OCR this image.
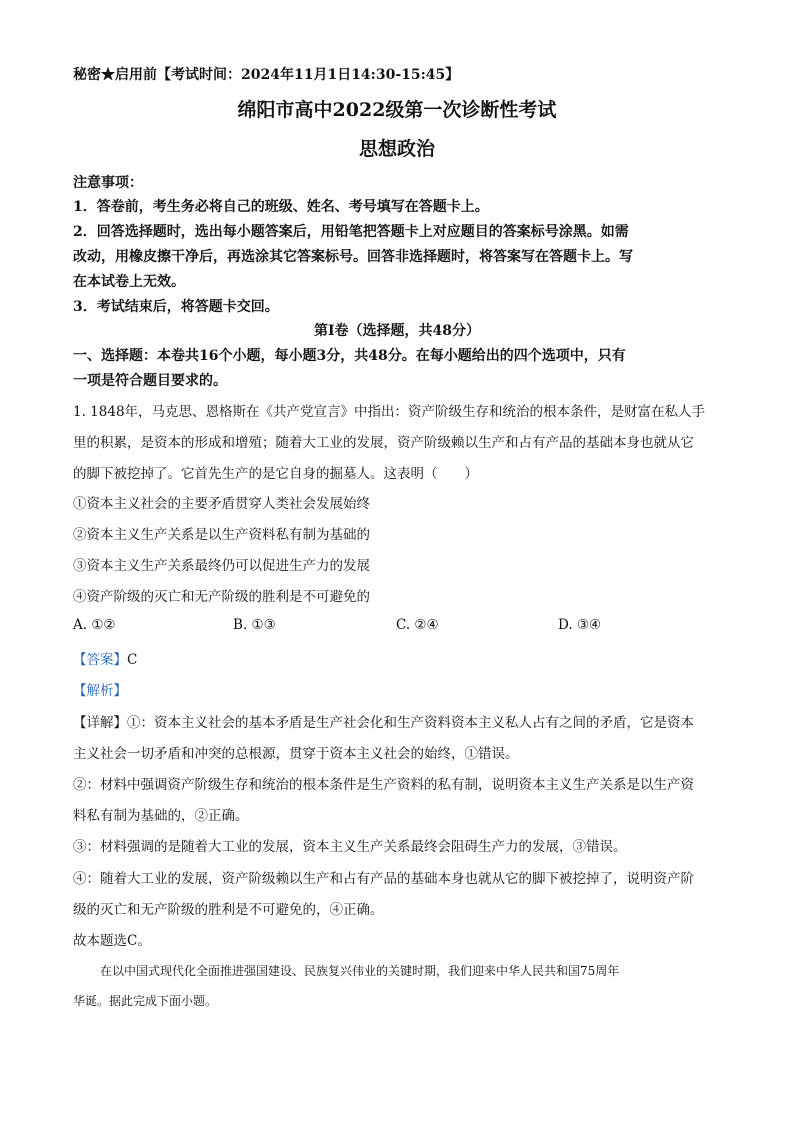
秘密★启用前【考试时间：2024年11月1日14:30-15:45】
绵阳市高中2022级第一次诊断性考试
思想政治
注意事项：
1．答卷前，考生务必将自己的班级、姓名、考号填写在答题卡上。
2．回答选择题时，选出每小题答案后，用铅笔把答题卡上对应题目的答案标号涂黑。如需
改动，用橡皮擦干净后，再选涂其它答案标号。回答非选择题时，将答案写在答题卡上。写
在本试卷上无效。
3．考试结束后，将答题卡交回。
第Ⅰ卷（选择题，共48分）
一、选择题：本卷共16个小题，每小题3分，共48分。在每小题给出的四个选项中，只有
一项是符合题目要求的。
1. 1848年，马克思、恩格斯在《共产党宣言》中指出：资产阶级生存和统治的根本条件，是财富在私人手
里的积累，是资本的形成和增殖；随着大工业的发展，资产阶级赖以生产和占有产品的基础本身也就从它
的脚下被挖掉了。它首先生产的是它自身的掘墓人。这表明（　　）
①资本主义社会的主要矛盾贯穿人类社会发展始终
②资本主义生产关系是以生产资料私有制为基础的
③资本主义生产关系最终仍可以促进生产力的发展
④资产阶级的灭亡和无产阶级的胜利是不可避免的
A. ①②	B. ①③	C. ②④	D. ③④
【答案】C
【解析】
【详解】①：资本主义社会的基本矛盾是生产社会化和生产资料资本主义私人占有之间的矛盾，它是资本
主义社会一切矛盾和冲突的总根源，贯穿于资本主义社会的始终，①错误。
②：材料中强调资产阶级生存和统治的根本条件是生产资料的私有制，说明资本主义生产关系是以生产资
料私有制为基础的，②正确。
③：材料强调的是随着大工业的发展，资本主义生产关系最终会阻碍生产力的发展，③错误。
④：随着大工业的发展，资产阶级赖以生产和占有产品的基础本身也就从它的脚下被挖掉了，说明资产阶
级的灭亡和无产阶级的胜利是不可避免的，④正确。
故本题选C。
在以中国式现代化全面推进强国建设、民族复兴伟业的关键时期，我们迎来中华人民共和国75周年
华诞。据此完成下面小题。
